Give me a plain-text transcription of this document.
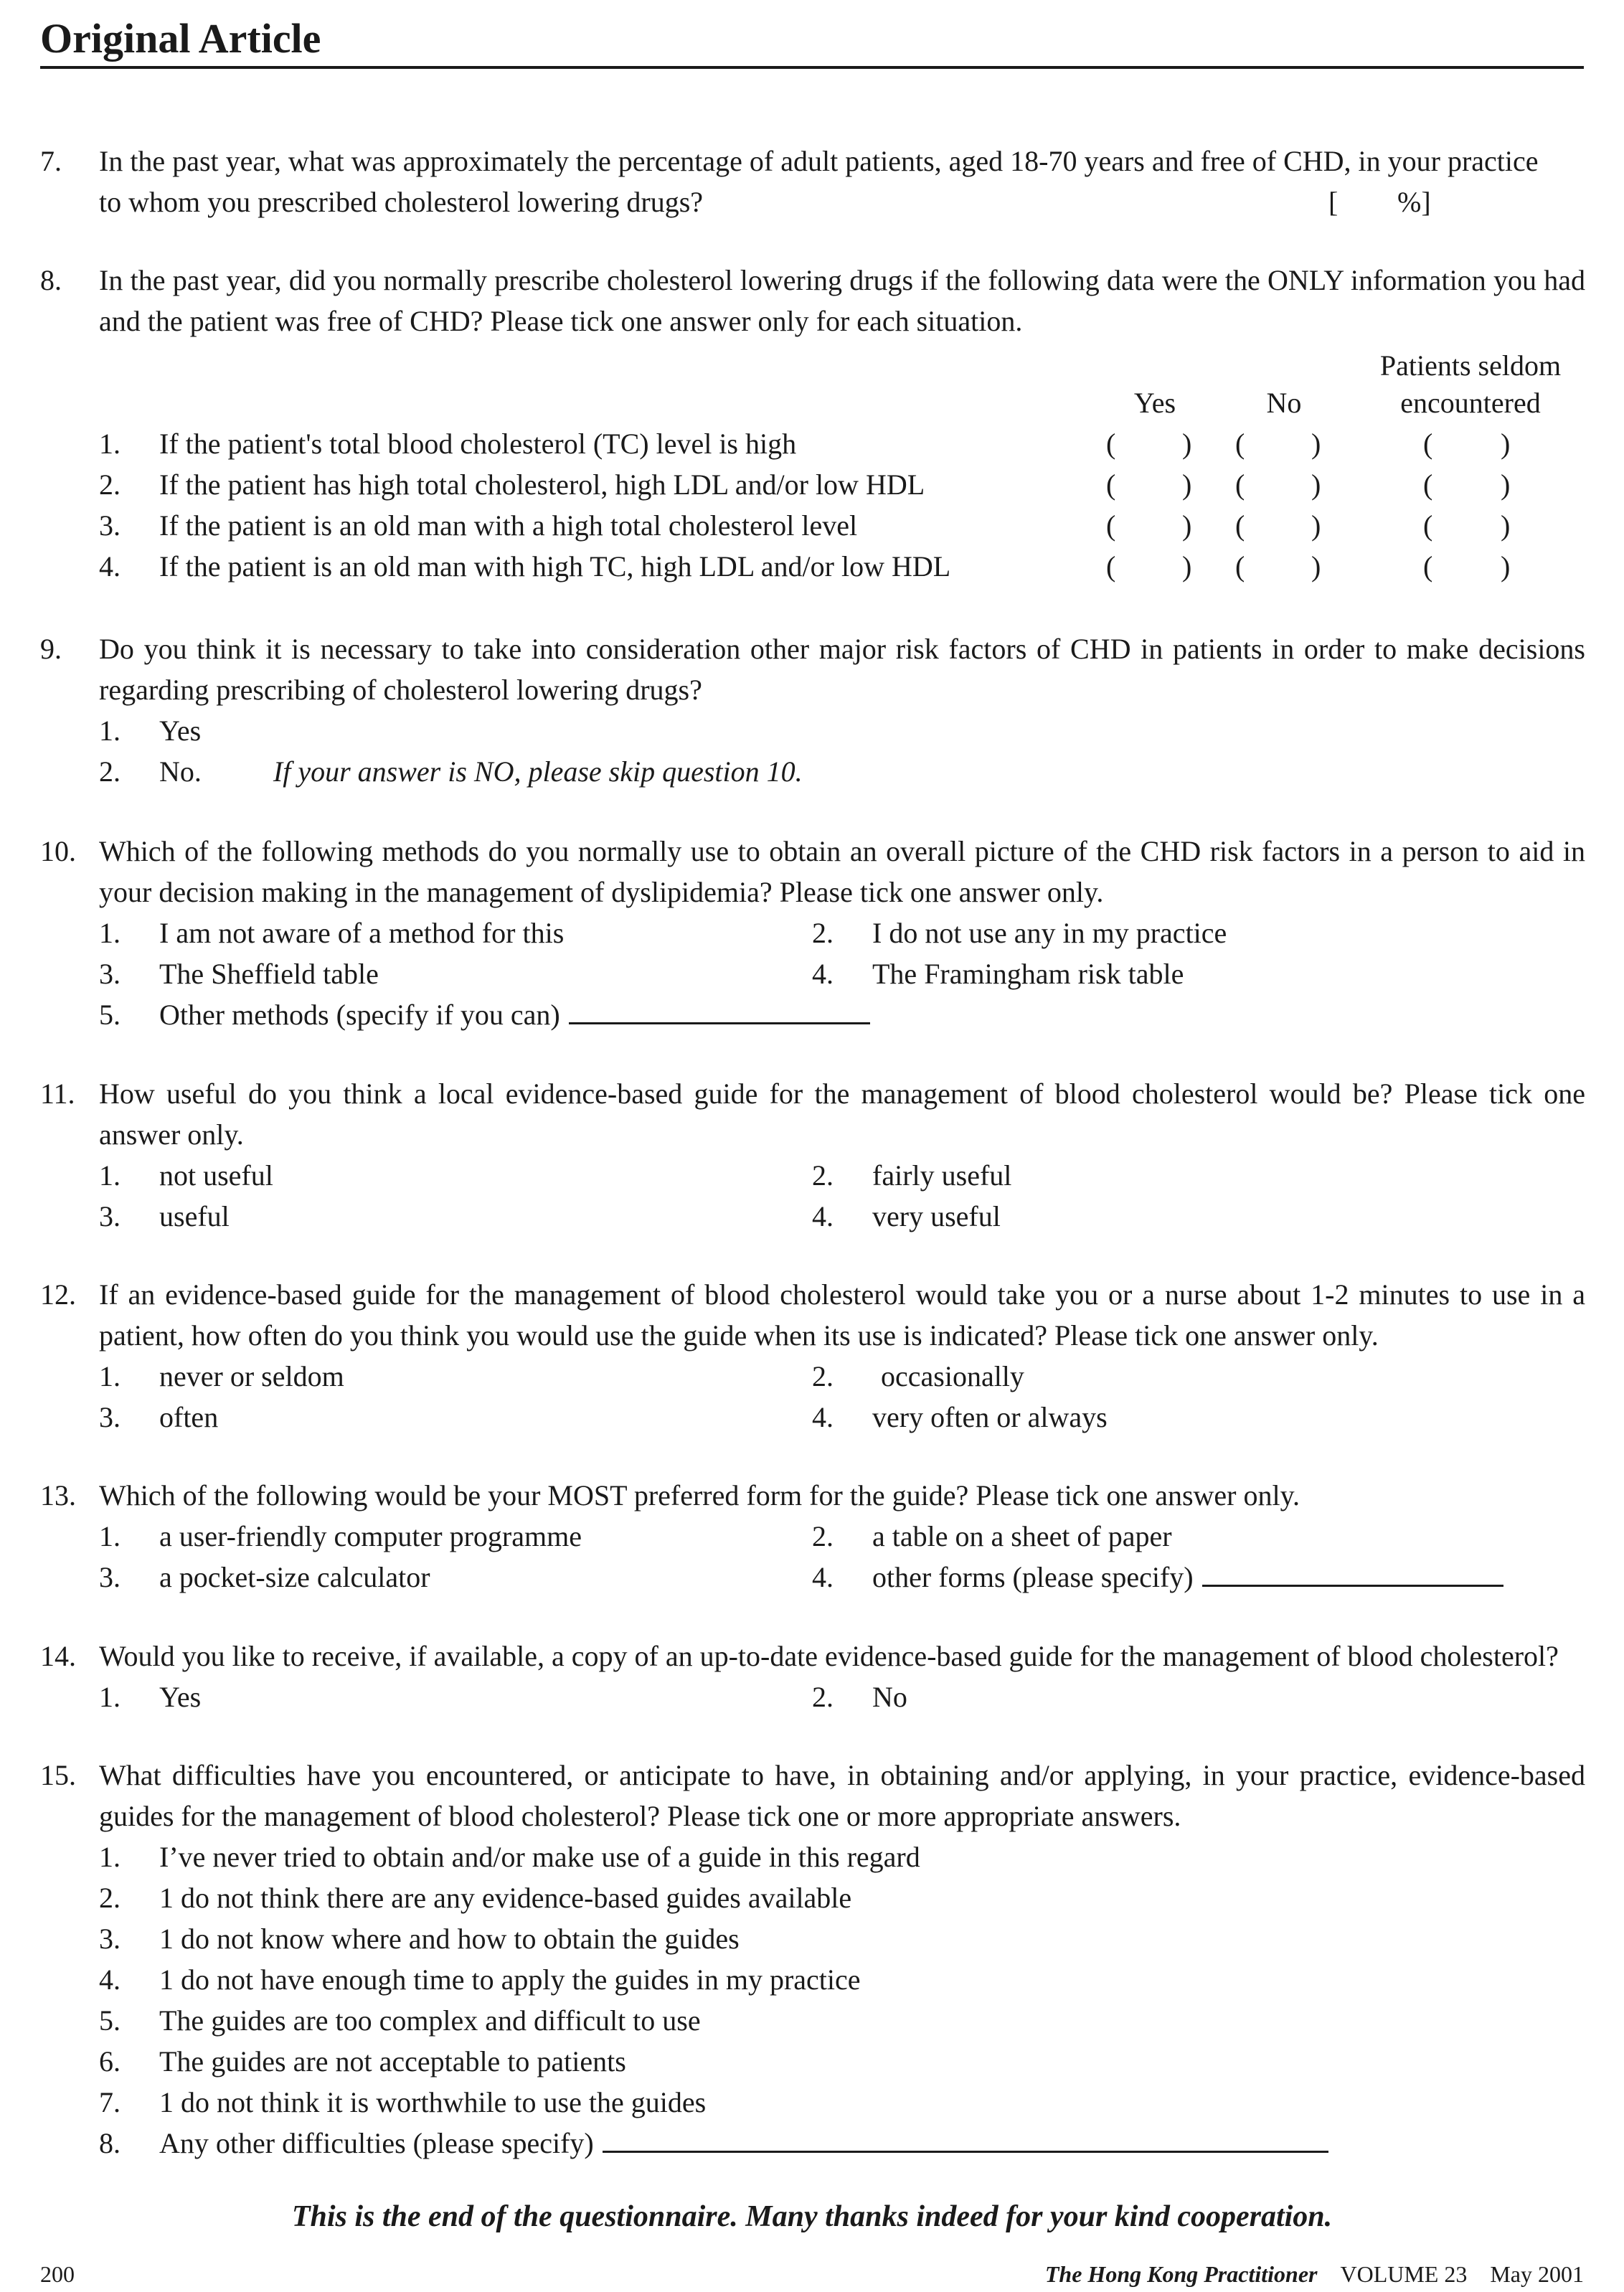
Original Article
7. In the past year, what was approximately the percentage of adult patients, aged 18-70 years and free of CHD, in your practice
to whom you prescribed cholesterol lowering drugs?	[ %]
8. In the past year, did you normally prescribe cholesterol lowering drugs if the following data were the ONLY information you had and the patient was free of CHD? Please tick one answer only for each situation.
Yes	No
Patients seldom
encountered
1. If the patient's total blood cholesterol (TC) level is high	( ) ( )	( )
2. If the patient has high total cholesterol, high LDL and/or low HDL	( ) ( )	( )
3. If the patient is an old man with a high total cholesterol level	( ) ( )	( )
4. If the patient is an old man with high TC, high LDL and/or low HDL	( ) ( )	( )
9. Do you think it is necessary to take into consideration other major risk factors of CHD in patients in order to make decisions regarding prescribing of cholesterol lowering drugs?
1. Yes
2. No.	If your answer is NO, please skip question 10.
10. Which of the following methods do you normally use to obtain an overall picture of the CHD risk factors in a person to aid in your decision making in the management of dyslipidemia? Please tick one answer only.
1. I am not aware of a method for this	2. I do not use any in my practice
3. The Sheffield table	4. The Framingham risk table
5. Other methods (specify if you can)
11. How useful do you think a local evidence-based guide for the management of blood cholesterol would be? Please tick one answer only.
1. not useful	2. fairly useful
3. useful	4. very useful
12. If an evidence-based guide for the management of blood cholesterol would take you or a nurse about 1-2 minutes to use in a patient, how often do you think you would use the guide when its use is indicated? Please tick one answer only.
1. never or seldom	2. occasionally
3. often	4. very often or always
13. Which of the following would be your MOST preferred form for the guide? Please tick one answer only.
1. a user-friendly computer programme	2. a table on a sheet of paper
3. a pocket-size calculator	4. other forms (please specify)
14. Would you like to receive, if available, a copy of an up-to-date evidence-based guide for the management of blood cholesterol?
1. Yes	2. No
15. What difficulties have you encountered, or anticipate to have, in obtaining and/or applying, in your practice, evidence-based guides for the management of blood cholesterol? Please tick one or more appropriate answers.
1. I’ve never tried to obtain and/or make use of a guide in this regard
2. 1 do not think there are any evidence-based guides available
3. 1 do not know where and how to obtain the guides
4. 1 do not have enough time to apply the guides in my practice
5. The guides are too complex and difficult to use
6. The guides are not acceptable to patients
7. 1 do not think it is worthwhile to use the guides
8. Any other difficulties (please specify)
This is the end of the questionnaire. Many thanks indeed for your kind cooperation.
200	The Hong Kong Practitioner VOLUME 23 May 2001
